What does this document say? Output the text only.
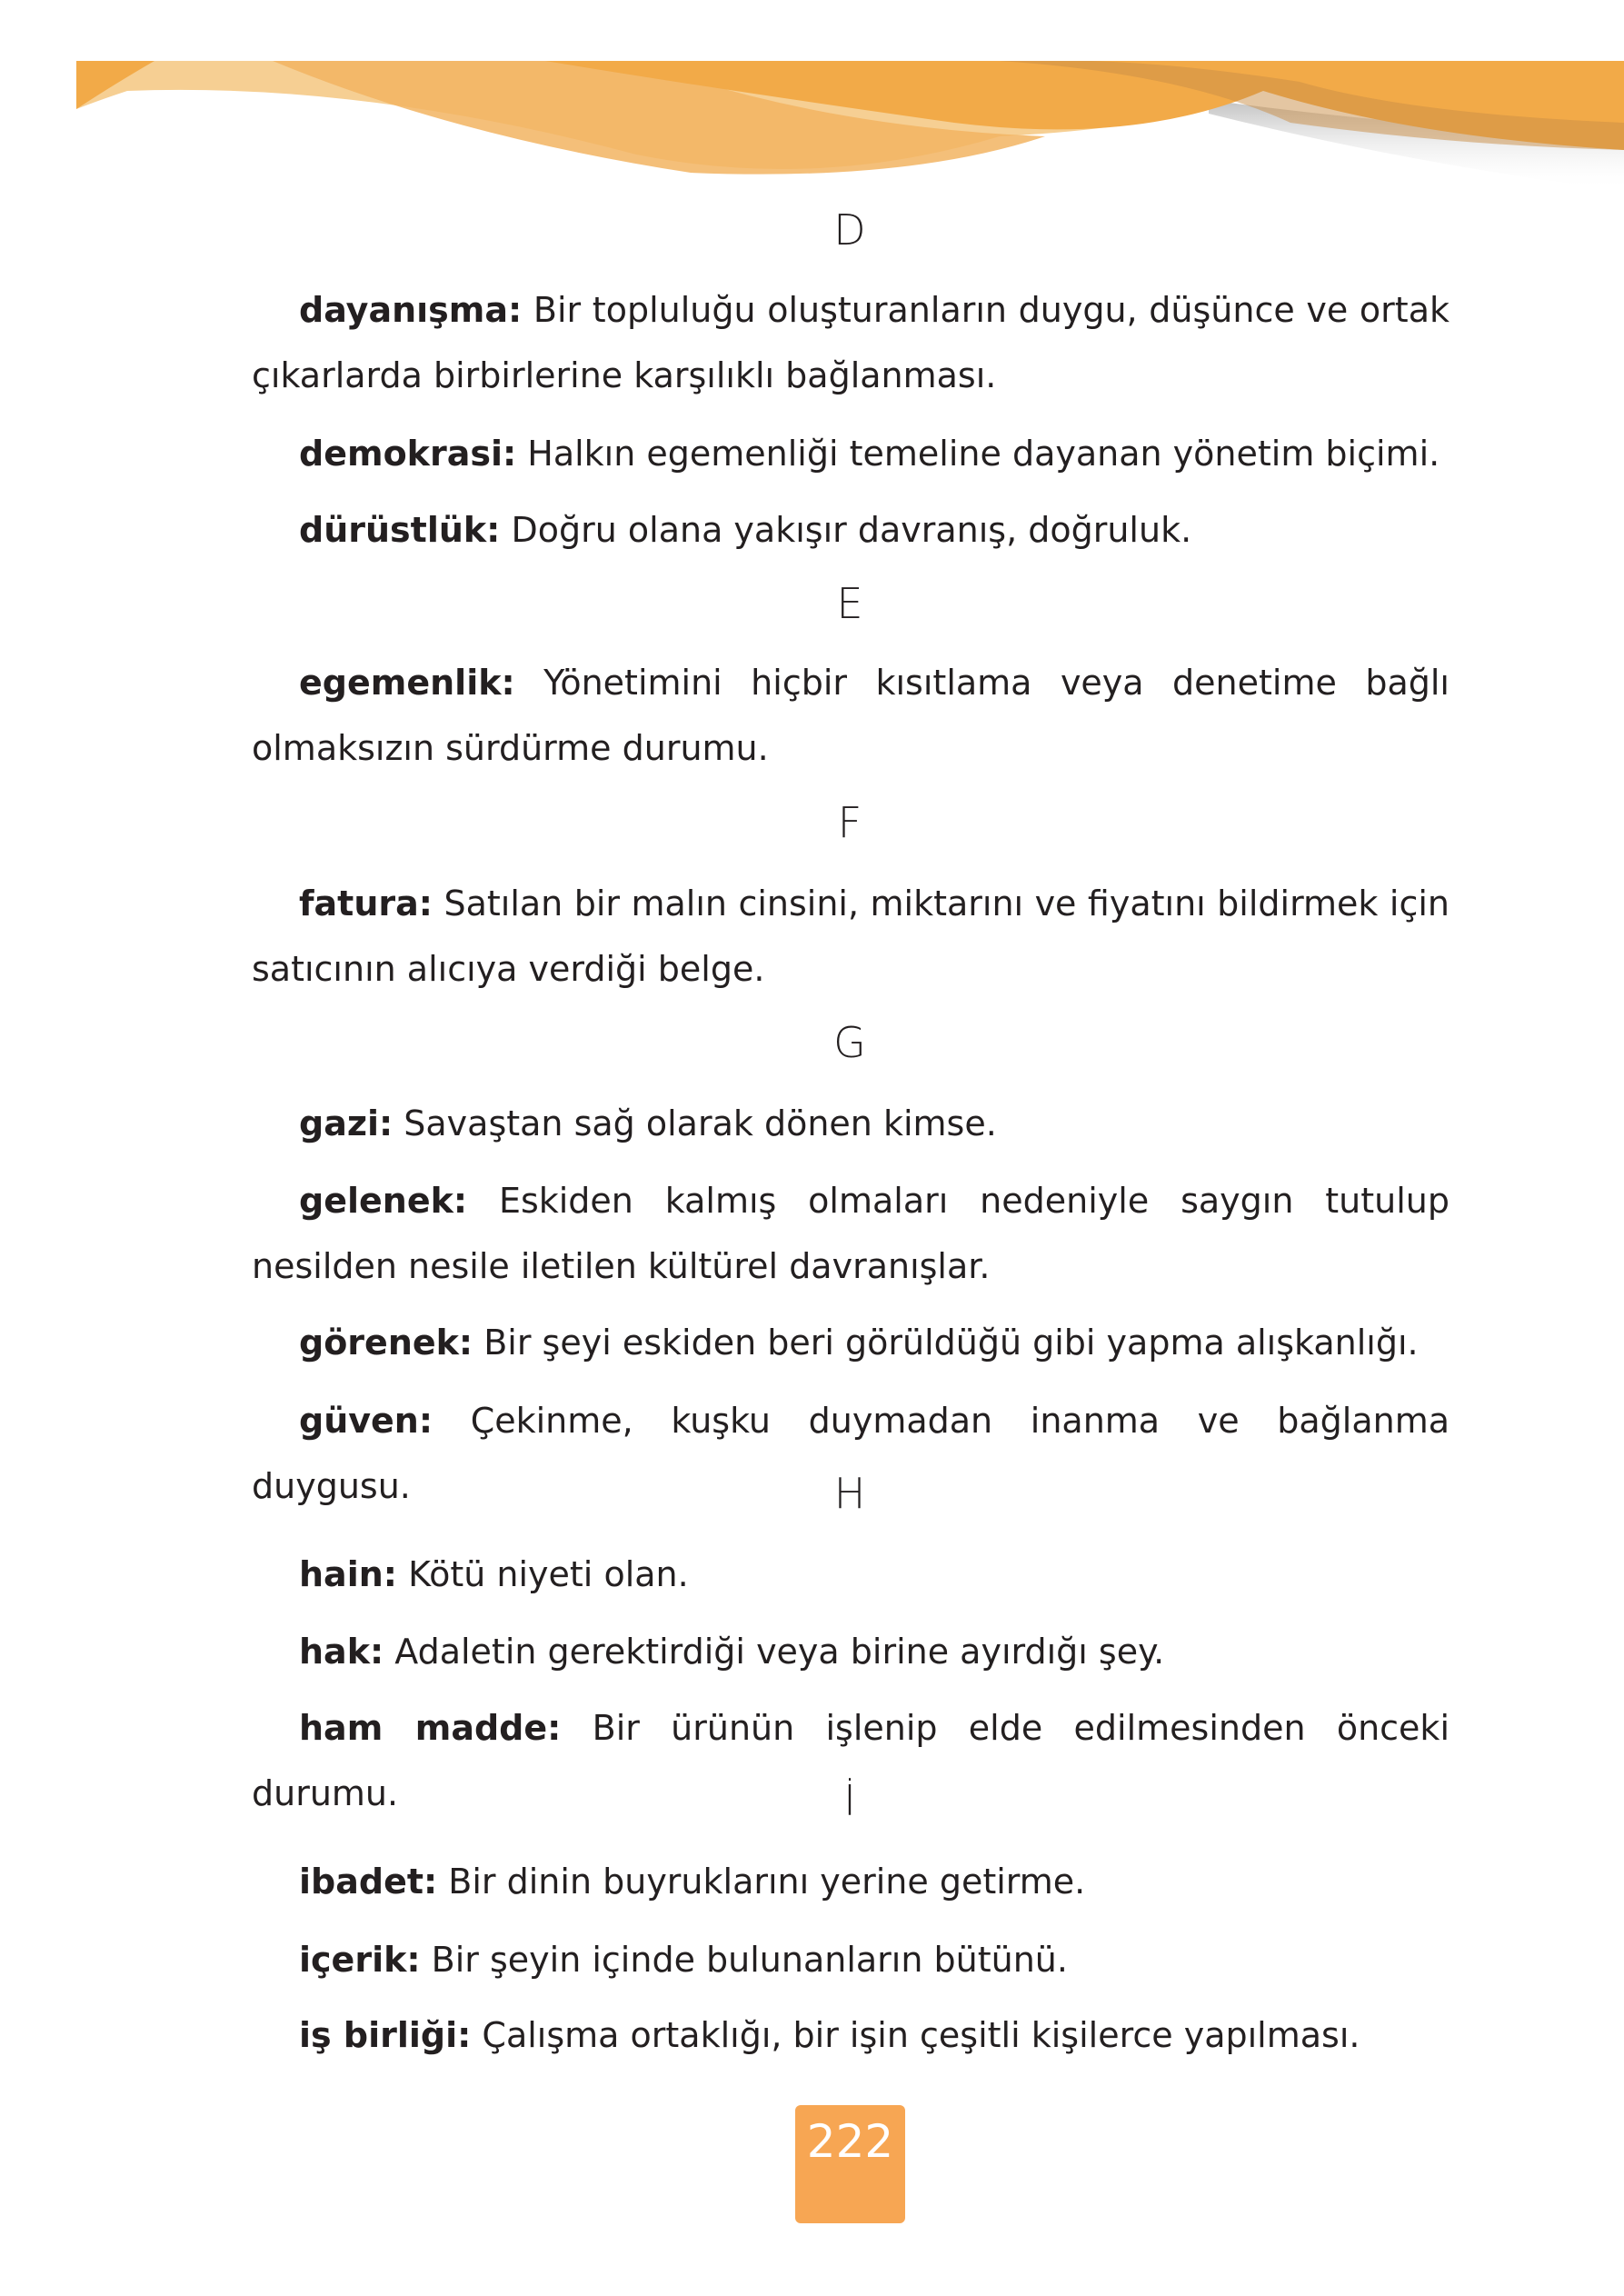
D
dayanışma: Bir topluluğu oluşturanların duygu, düşünce ve ortak çıkarlarda birbirlerine karşılıklı bağlanması.
demokrasi: Halkın egemenliği temeline dayanan yönetim biçimi.
dürüstlük: Doğru olana yakışır davranış, doğruluk.
E
egemenlik: Yönetimini hiçbir kısıtlama veya denetime bağlı olmaksızın sürdürme durumu.
F
fatura: Satılan bir malın cinsini, miktarını ve fiyatını bildirmek için satıcının alıcıya verdiği belge.
G
gazi: Savaştan sağ olarak dönen kimse.
gelenek: Eskiden kalmış olmaları nedeniyle saygın tutulup nesilden nesile iletilen kültürel davranışlar.
görenek: Bir şeyi eskiden beri görüldüğü gibi yapma alışkanlığı.
güven: Çekinme, kuşku duymadan inanma ve bağlanma duygusu.	H
hain: Kötü niyeti olan.
hak: Adaletin gerektirdiği veya birine ayırdığı şey.
ham madde: Bir ürünün işlenip elde edilmesinden önceki durumu.	İ
ibadet: Bir dinin buyruklarını yerine getirme.
içerik: Bir şeyin içinde bulunanların bütünü.
iş birliği: Çalışma ortaklığı, bir işin çeşitli kişilerce yapılması.
222
